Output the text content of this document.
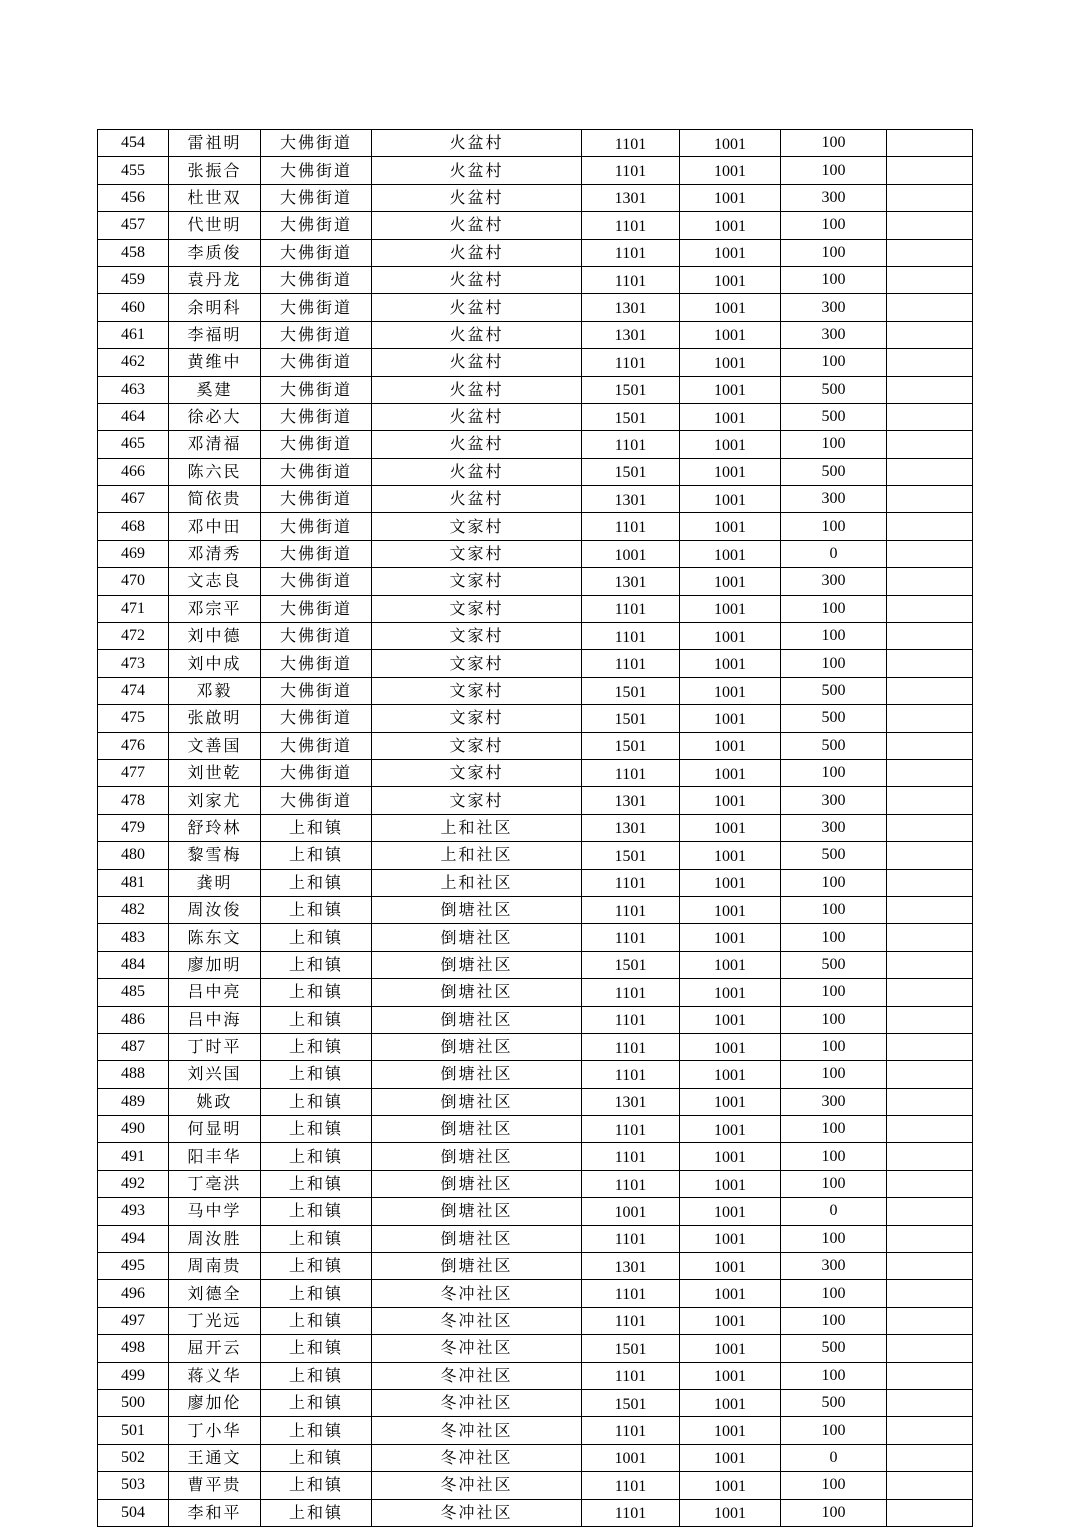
454	雷祖明	大佛街道	火盆村	1101	1001	100	
455	张振合	大佛街道	火盆村	1101	1001	100	
456	杜世双	大佛街道	火盆村	1301	1001	300	
457	代世明	大佛街道	火盆村	1101	1001	100	
458	李质俊	大佛街道	火盆村	1101	1001	100	
459	袁丹龙	大佛街道	火盆村	1101	1001	100	
460	余明科	大佛街道	火盆村	1301	1001	300	
461	李福明	大佛街道	火盆村	1301	1001	300	
462	黄维中	大佛街道	火盆村	1101	1001	100	
463	奚建	大佛街道	火盆村	1501	1001	500	
464	徐必大	大佛街道	火盆村	1501	1001	500	
465	邓清福	大佛街道	火盆村	1101	1001	100	
466	陈六民	大佛街道	火盆村	1501	1001	500	
467	简依贵	大佛街道	火盆村	1301	1001	300	
468	邓中田	大佛街道	文家村	1101	1001	100	
469	邓清秀	大佛街道	文家村	1001	1001	0	
470	文志良	大佛街道	文家村	1301	1001	300	
471	邓宗平	大佛街道	文家村	1101	1001	100	
472	刘中德	大佛街道	文家村	1101	1001	100	
473	刘中成	大佛街道	文家村	1101	1001	100	
474	邓毅	大佛街道	文家村	1501	1001	500	
475	张啟明	大佛街道	文家村	1501	1001	500	
476	文善国	大佛街道	文家村	1501	1001	500	
477	刘世乾	大佛街道	文家村	1101	1001	100	
478	刘家尤	大佛街道	文家村	1301	1001	300	
479	舒玲林	上和镇	上和社区	1301	1001	300	
480	黎雪梅	上和镇	上和社区	1501	1001	500	
481	龚明	上和镇	上和社区	1101	1001	100	
482	周汝俊	上和镇	倒塘社区	1101	1001	100	
483	陈东文	上和镇	倒塘社区	1101	1001	100	
484	廖加明	上和镇	倒塘社区	1501	1001	500	
485	吕中亮	上和镇	倒塘社区	1101	1001	100	
486	吕中海	上和镇	倒塘社区	1101	1001	100	
487	丁时平	上和镇	倒塘社区	1101	1001	100	
488	刘兴国	上和镇	倒塘社区	1101	1001	100	
489	姚政	上和镇	倒塘社区	1301	1001	300	
490	何显明	上和镇	倒塘社区	1101	1001	100	
491	阳丰华	上和镇	倒塘社区	1101	1001	100	
492	丁亳洪	上和镇	倒塘社区	1101	1001	100	
493	马中学	上和镇	倒塘社区	1001	1001	0	
494	周汝胜	上和镇	倒塘社区	1101	1001	100	
495	周南贵	上和镇	倒塘社区	1301	1001	300	
496	刘德全	上和镇	冬冲社区	1101	1001	100	
497	丁光远	上和镇	冬冲社区	1101	1001	100	
498	屈开云	上和镇	冬冲社区	1501	1001	500	
499	蒋义华	上和镇	冬冲社区	1101	1001	100	
500	廖加伦	上和镇	冬冲社区	1501	1001	500	
501	丁小华	上和镇	冬冲社区	1101	1001	100	
502	王通文	上和镇	冬冲社区	1001	1001	0	
503	曹平贵	上和镇	冬冲社区	1101	1001	100	
504	李和平	上和镇	冬冲社区	1101	1001	100	
